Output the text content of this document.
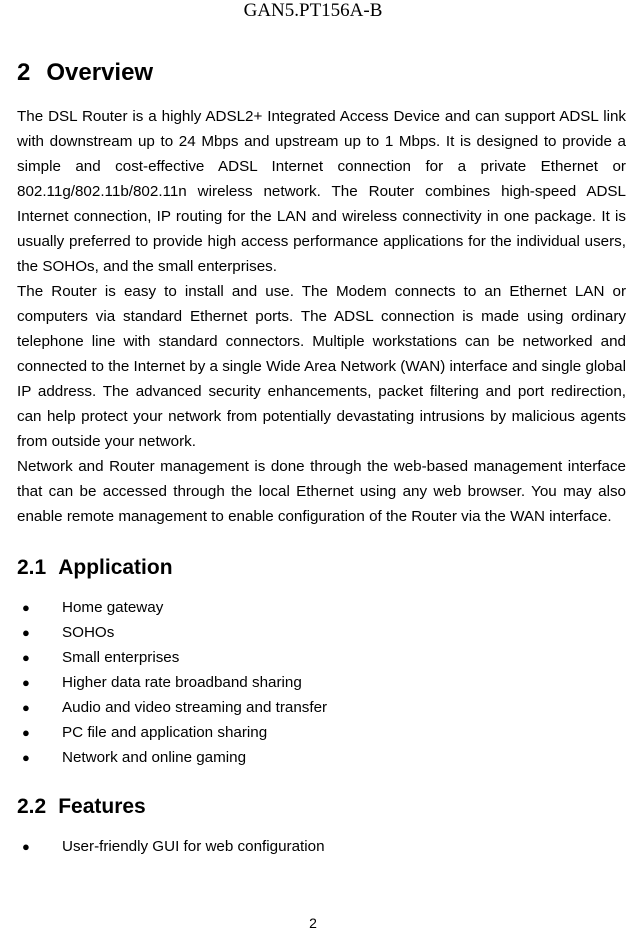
GAN5.PT156A-B
2 Overview

The DSL Router is a highly ADSL2+ Integrated Access Device and can support ADSL link with downstream up to 24 Mbps and upstream up to 1 Mbps. It is designed to provide a simple and cost-effective ADSL Internet connection for a private Ethernet or 802.11g/802.11b/802.11n wireless network. The Router combines high-speed ADSL Internet connection, IP routing for the LAN and wireless connectivity in one package. It is usually preferred to provide high access performance applications for the individual users, the SOHOs, and the small enterprises.

The Router is easy to install and use. The Modem connects to an Ethernet LAN or computers via standard Ethernet ports. The ADSL connection is made using ordinary telephone line with standard connectors. Multiple workstations can be networked and connected to the Internet by a single Wide Area Network (WAN) interface and single global IP address. The advanced security enhancements, packet filtering and port redirection, can help protect your network from potentially devastating intrusions by malicious agents from outside your network.

Network and Router management is done through the web-based management interface that can be accessed through the local Ethernet using any web browser. You may also enable remote management to enable configuration of the Router via the WAN interface.

2.1 Application
● Home gateway
● SOHOs
● Small enterprises
● Higher data rate broadband sharing
● Audio and video streaming and transfer
● PC file and application sharing
● Network and online gaming
2.2 Features
● User-friendly GUI for web configuration
2
